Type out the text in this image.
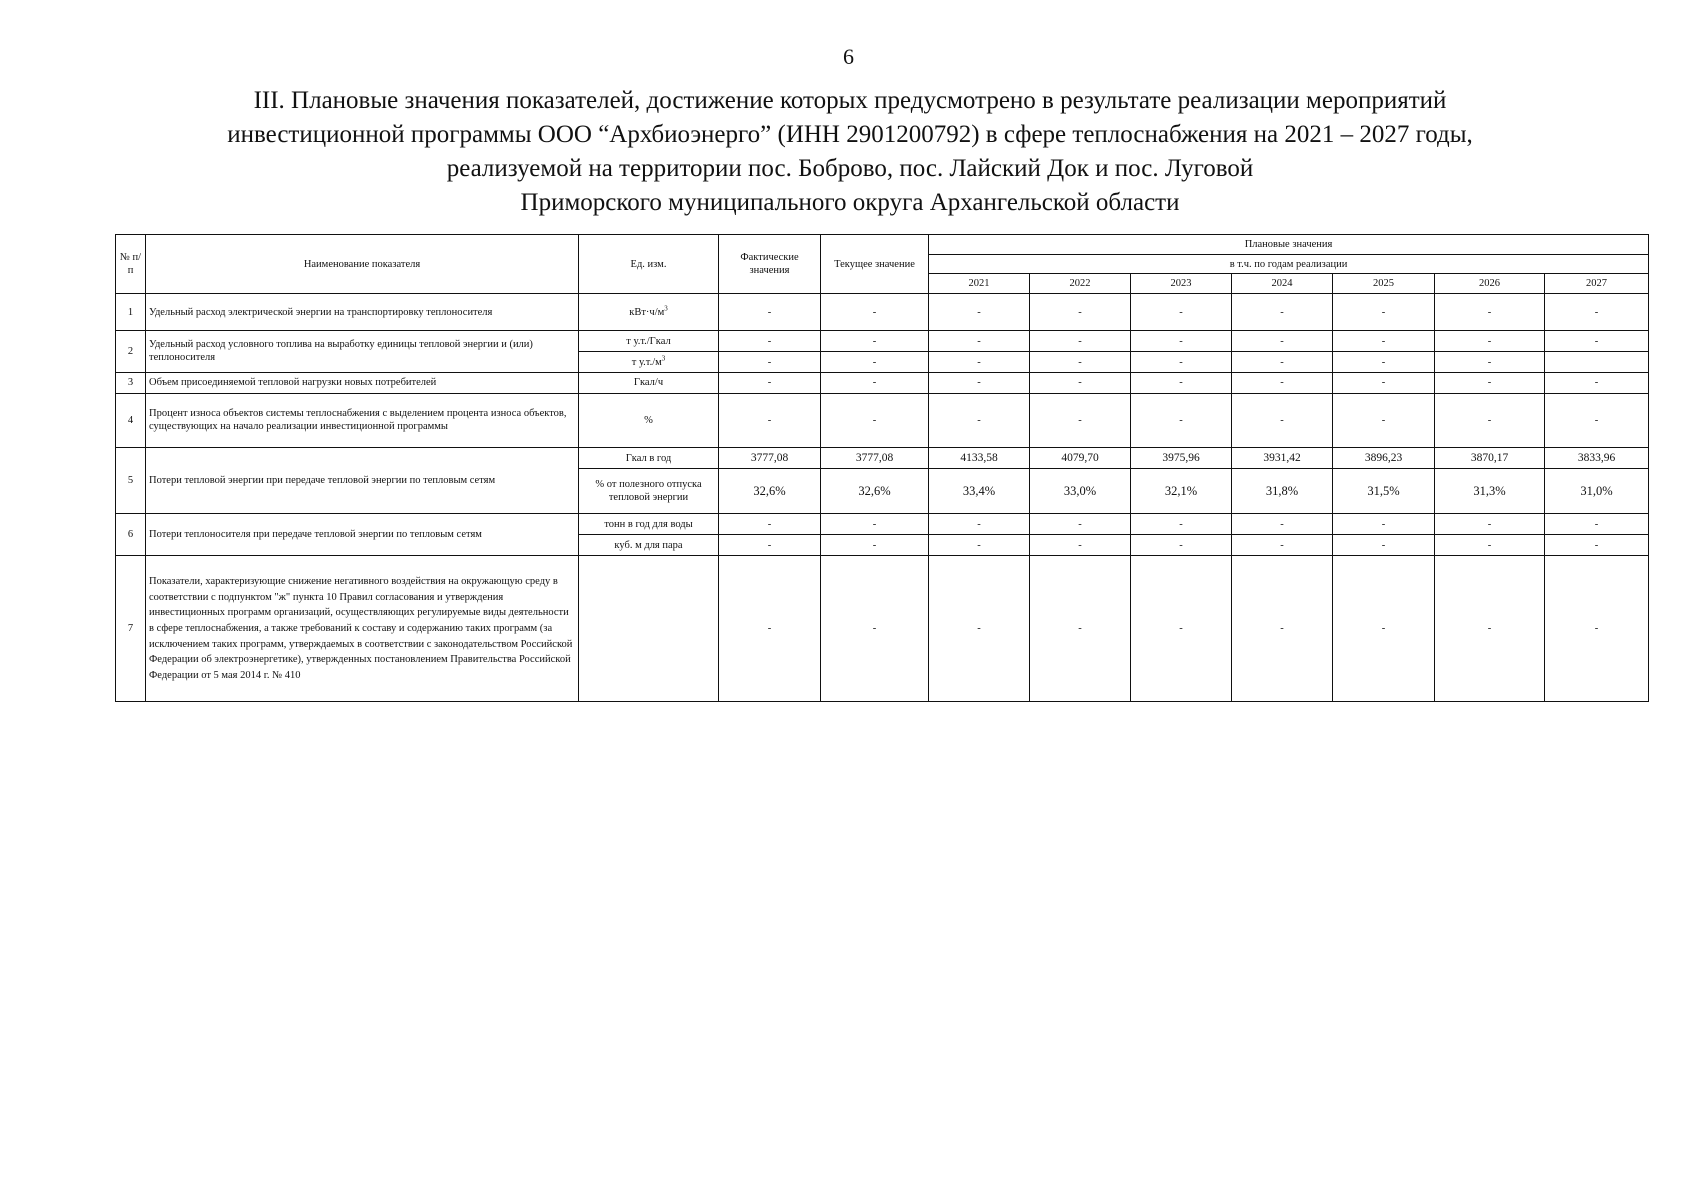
6
III. Плановые значения показателей, достижение которых предусмотрено в результате реализации мероприятий
инвестиционной программы ООО “Архбиоэнерго” (ИНН 2901200792) в сфере теплоснабжения на 2021 – 2027 годы,
реализуемой на территории пос. Боброво, пос. Лайский Док и пос. Луговой
Приморского муниципального округа Архангельской области
№ п/п	Наименование показателя	Ед. изм.	Фактические значения	Текущее значение	Плановые значения						
					в т.ч. по годам реализации						
					2021	2022	2023	2024	2025	2026	2027
1	Удельный расход электрической энергии на транспортировку теплоносителя	$кВт\cdot ч/м^3$	-	-	-	-	-	-	-	-	-
2	Удельный расход условного топлива на выработку единицы тепловой энергии и (или) теплоносителя	т у.т./Гкал	-	-	-	-	-	-	-	-	-
		т $у.т./м^3$	-	-	-	-	-	-	-	-	
3	Объем присоединяемой тепловой нагрузки новых потребителей	Гкал/ч	-	-	-	-	-	-	-	-	-
4	Процент износа объектов системы теплоснабжения с выделением процента износа объектов, существующих на начало реализации инвестиционной программы	%	-	-	-	-	-	-	-	-	-
5	Потери тепловой энергии при передаче тепловой энергии по тепловым сетям	Гкал в год	3777,08	3777,08	4133,58	4079,70	3975,96	3931,42	3896,23	3870,17	3833,96
		% от полезного отпуска тепловой энергии	32,6%	32,6%	33,4%	33,0%	32,1%	31,8%	31,5%	31,3%	31,0%
6	Потери теплоносителя при передаче тепловой энергии по тепловым сетям	тонн в год для воды	-	-	-	-	-	-	-	-	-
		куб. м для пара	-	-	-	-	-	-	-	-	-
7	Показатели, характеризующие снижение негативного воздействия на окружающую среду в соответствии с подпунктом "ж" пункта 10 Правил согласования и утверждения инвестиционных программ организаций, осуществляющих регулируемые виды деятельности в сфере теплоснабжения, а также требований к составу и содержанию таких программ (за исключением таких программ, утверждаемых в соответствии с законодательством Российской Федерации об электроэнергетике), утвержденных постановлением Правительства Российской Федерации от 5 мая 2014 г. № 410		-	-	-	-	-	-	-	-	-
